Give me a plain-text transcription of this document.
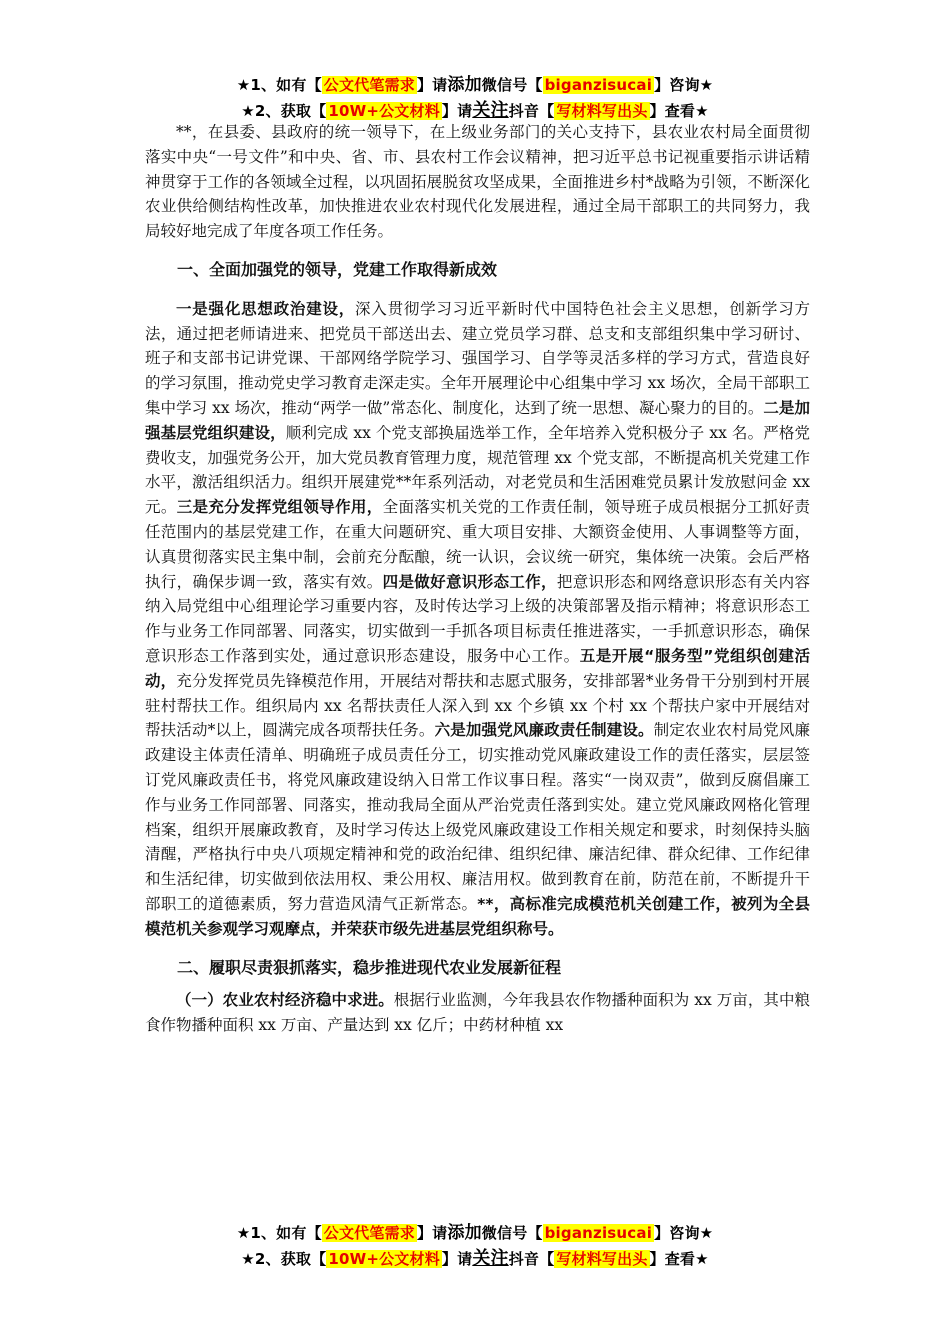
★1、如有【 公文代笔需求 】请添加微信号【 biganzisucai 】咨询★
★2、获取【 10W+公文材料 】请关注抖音【 写材料写出头 】查看★

**，在县委、县政府的统一领导下，在上级业务部门的关心支持下，县农业农村局全面贯彻落实中央“一号文件”和中央、省、市、县农村工作会议精神，把习近平总书记视重要指示讲话精神贯穿于工作的各领域全过程，以巩固拓展脱贫攻坚成果，全面推进乡村*战略为引领，不断深化农业供给侧结构性改革，加快推进农业农村现代化发展进程，通过全局干部职工的共同努力，我局较好地完成了年度各项工作任务。

一、全面加强党的领导，党建工作取得新成效

一是强化思想政治建设，深入贯彻学习习近平新时代中国特色社会主义思想，创新学习方法，通过把老师请进来、把党员干部送出去、建立党员学习群、总支和支部组织集中学习研讨、班子和支部书记讲党课、干部网络学院学习、强国学习、自学等灵活多样的学习方式，营造良好的学习氛围，推动党史学习教育走深走实。全年开展理论中心组集中学习 xx 场次，全局干部职工集中学习 xx 场次，推动“两学一做”常态化、制度化，达到了统一思想、凝心聚力的目的。二是加强基层党组织建设，顺利完成 xx 个党支部换届选举工作，全年培养入党积极分子 xx 名。严格党费收支，加强党务公开，加大党员教育管理力度，规范管理 xx 个党支部，不断提高机关党建工作水平，激活组织活力。组织开展建党**年系列活动，对老党员和生活困难党员累计发放慰问金 xx 元。三是充分发挥党组领导作用，全面落实机关党的工作责任制，领导班子成员根据分工抓好责任范围内的基层党建工作，在重大问题研究、重大项目安排、大额资金使用、人事调整等方面，认真贯彻落实民主集中制，会前充分酝酿，统一认识，会议统一研究，集体统一决策。会后严格执行，确保步调一致，落实有效。四是做好意识形态工作，把意识形态和网络意识形态有关内容纳入局党组中心组理论学习重要内容，及时传达学习上级的决策部署及指示精神；将意识形态工作与业务工作同部署、同落实，切实做到一手抓各项目标责任推进落实，一手抓意识形态，确保意识形态工作落到实处，通过意识形态建设，服务中心工作。五是开展“服务型”党组织创建活动，充分发挥党员先锋模范作用，开展结对帮扶和志愿式服务，安排部署*业务骨干分别到村开展驻村帮扶工作。组织局内 xx 名帮扶责任人深入到 xx 个乡镇 xx 个村 xx 个帮扶户家中开展结对帮扶活动*以上，圆满完成各项帮扶任务。六是加强党风廉政责任制建设。制定农业农村局党风廉政建设主体责任清单、明确班子成员责任分工，切实推动党风廉政建设工作的责任落实，层层签订党风廉政责任书，将党风廉政建设纳入日常工作议事日程。落实“一岗双责”，做到反腐倡廉工作与业务工作同部署、同落实，推动我局全面从严治党责任落到实处。建立党风廉政网格化管理档案，组织开展廉政教育，及时学习传达上级党风廉政建设工作相关规定和要求，时刻保持头脑清醒，严格执行中央八项规定精神和党的政治纪律、组织纪律、廉洁纪律、群众纪律、工作纪律和生活纪律，切实做到依法用权、秉公用权、廉洁用权。做到教育在前，防范在前，不断提升干部职工的道德素质，努力营造风清气正新常态。**，高标准完成模范机关创建工作，被列为全县模范机关参观学习观摩点，并荣获市级先进基层党组织称号。

二、履职尽责狠抓落实，稳步推进现代农业发展新征程

（一）农业农村经济稳中求进。根据行业监测，今年我县农作物播种面积为 xx 万亩，其中粮食作物播种面积 xx 万亩、产量达到 xx 亿斤；中药材种植 xx

★1、如有【 公文代笔需求 】请添加微信号【 biganzisucai 】咨询★
★2、获取【 10W+公文材料 】请关注抖音【 写材料写出头 】查看★
